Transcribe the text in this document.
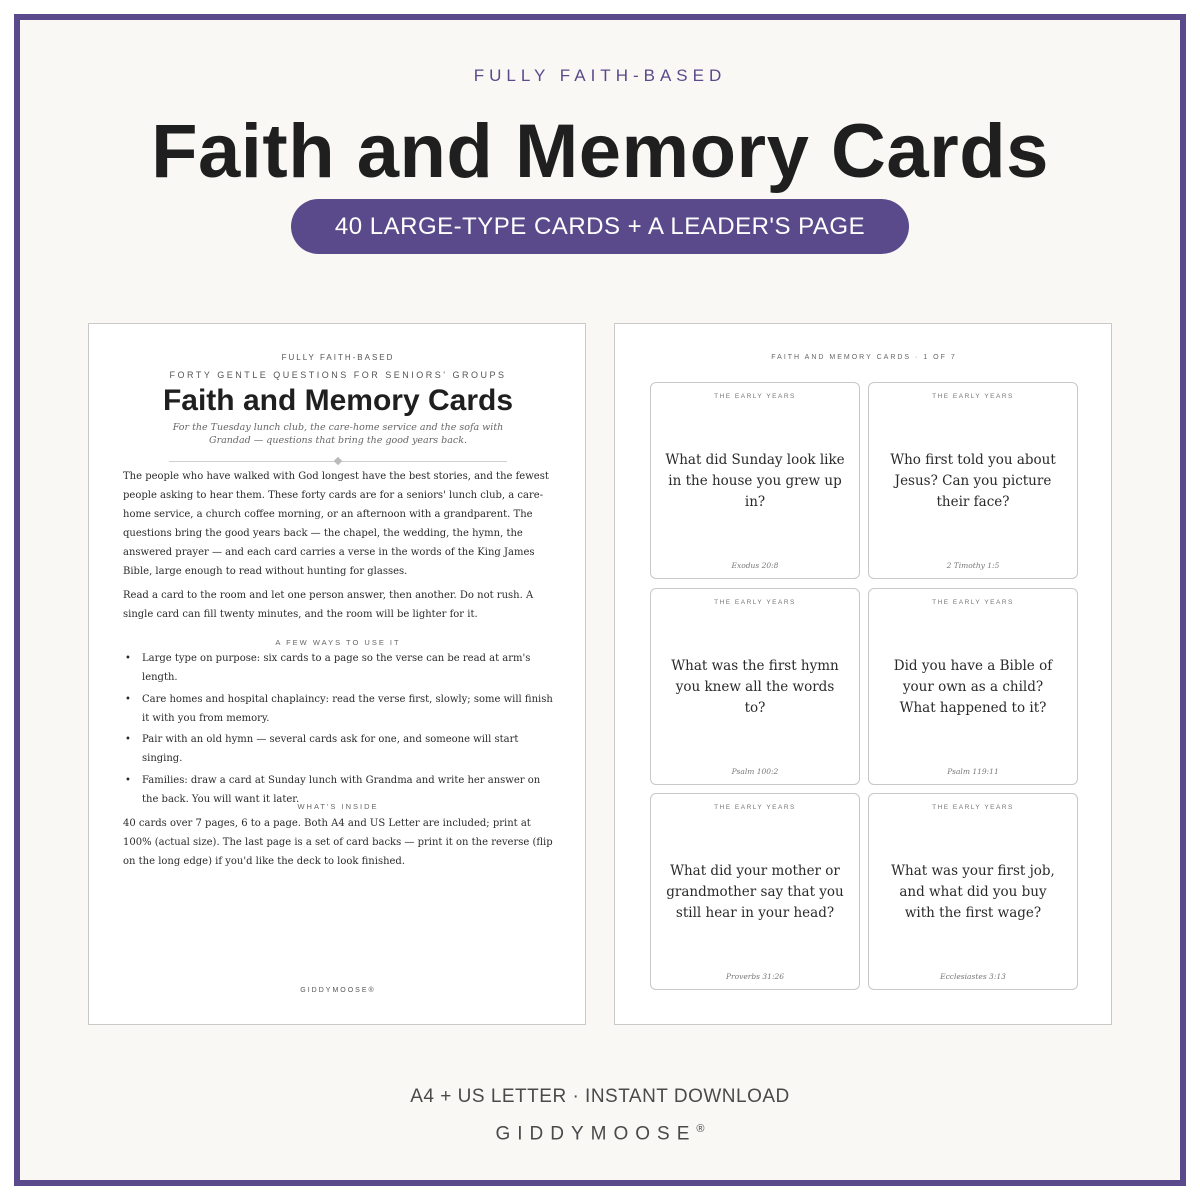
FULLY FAITH-BASED
Faith and Memory Cards
40 LARGE-TYPE CARDS + A LEADER'S PAGE
FULLY FAITH-BASED
FORTY GENTLE QUESTIONS FOR SENIORS' GROUPS
Faith and Memory Cards
For the Tuesday lunch club, the care-home service and the sofa with Grandad — questions that bring the good years back.
The people who have walked with God longest have the best stories, and the fewest people asking to hear them. These forty cards are for a seniors' lunch club, a care-home service, a church coffee morning, or an afternoon with a grandparent. The questions bring the good years back — the chapel, the wedding, the hymn, the answered prayer — and each card carries a verse in the words of the King James Bible, large enough to read without hunting for glasses.
Read a card to the room and let one person answer, then another. Do not rush. A single card can fill twenty minutes, and the room will be lighter for it.
A FEW WAYS TO USE IT
• Large type on purpose: six cards to a page so the verse can be read at arm's length.
• Care homes and hospital chaplaincy: read the verse first, slowly; some will finish it with you from memory.
• Pair with an old hymn — several cards ask for one, and someone will start singing.
• Families: draw a card at Sunday lunch with Grandma and write her answer on the back. You will want it later.
WHAT'S INSIDE
40 cards over 7 pages, 6 to a page. Both A4 and US Letter are included; print at 100% (actual size). The last page is a set of card backs — print it on the reverse (flip on the long edge) if you'd like the deck to look finished.
GIDDYMOOSE®
FAITH AND MEMORY CARDS · 1 OF 7
THE EARLY YEARS
What did Sunday look like in the house you grew up in?
Exodus 20:8
THE EARLY YEARS
Who first told you about Jesus? Can you picture their face?
2 Timothy 1:5
THE EARLY YEARS
What was the first hymn you knew all the words to?
Psalm 100:2
THE EARLY YEARS
Did you have a Bible of your own as a child? What happened to it?
Psalm 119:11
THE EARLY YEARS
What did your mother or grandmother say that you still hear in your head?
Proverbs 31:26
THE EARLY YEARS
What was your first job, and what did you buy with the first wage?
Ecclesiastes 3:13
A4 + US LETTER · INSTANT DOWNLOAD
GIDDYMOOSE®
